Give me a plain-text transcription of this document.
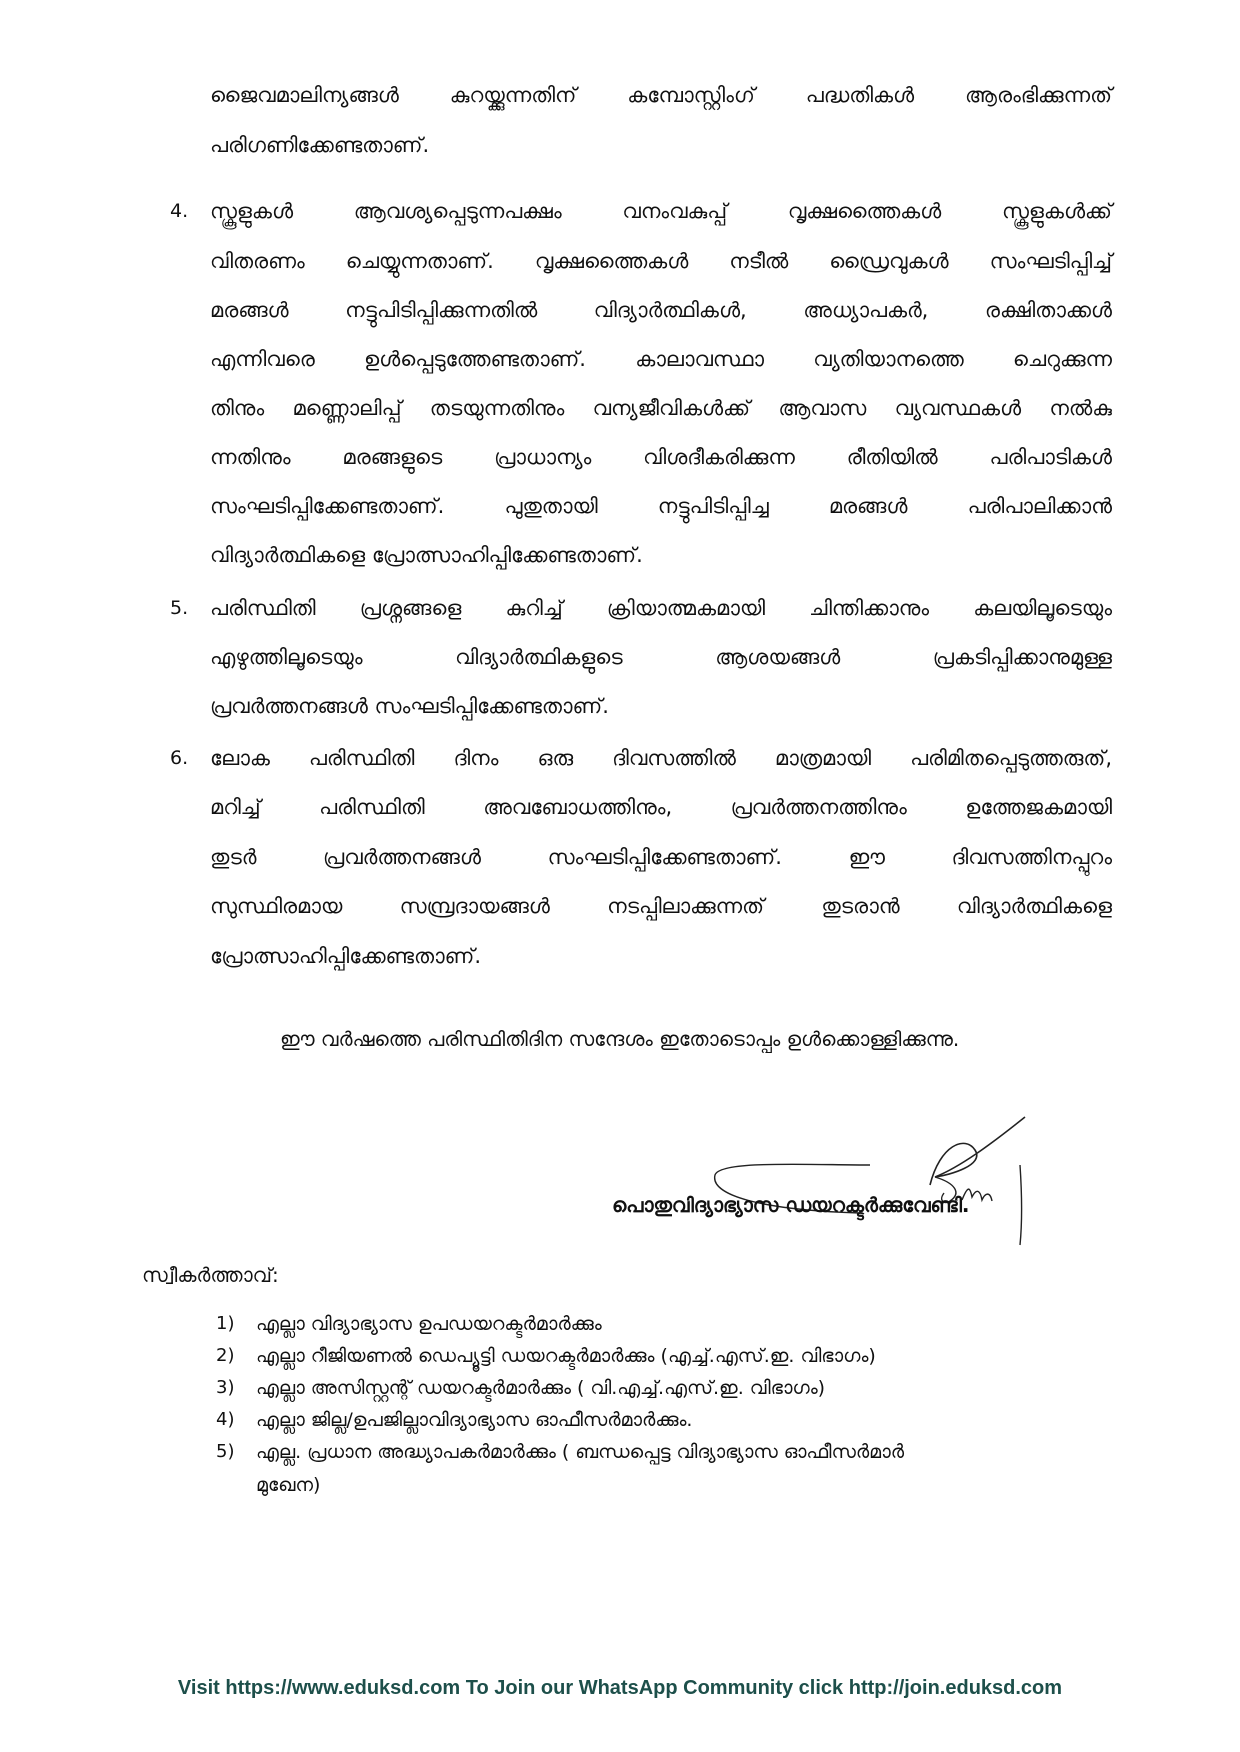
ജൈവമാലിന്യങ്ങൾ കുറയ്ക്കുന്നതിന് കമ്പോസ്റ്റിംഗ് പദ്ധതികൾ ആരംഭിക്കുന്നത്
പരിഗണിക്കേണ്ടതാണ്.
4.	സ്കൂളുകൾ ആവശ്യപ്പെടുന്നപക്ഷം വനംവകുപ്പ് വൃക്ഷത്തൈകൾ സ്കൂളുകൾക്ക്
വിതരണം ചെയ്യുന്നതാണ്. വൃക്ഷത്തൈകൾ നടീൽ ഡ്രൈവുകൾ സംഘടിപ്പിച്ച്
മരങ്ങൾ നട്ടുപിടിപ്പിക്കുന്നതിൽ വിദ്യാർത്ഥികൾ, അധ്യാപകർ, രക്ഷിതാക്കൾ
എന്നിവരെ ഉൾപ്പെടുത്തേണ്ടതാണ്. കാലാവസ്ഥാ വ്യതിയാനത്തെ ചെറുക്കുന്ന
തിനും മണ്ണൊലിപ്പ് തടയുന്നതിനും വന്യജീവികൾക്ക് ആവാസ വ്യവസ്ഥകൾ നൽകു
ന്നതിനും മരങ്ങളുടെ പ്രാധാന്യം വിശദീകരിക്കുന്ന രീതിയിൽ പരിപാടികൾ
സംഘടിപ്പിക്കേണ്ടതാണ്. പുതുതായി നട്ടുപിടിപ്പിച്ച മരങ്ങൾ പരിപാലിക്കാൻ
വിദ്യാർത്ഥികളെ പ്രോത്സാഹിപ്പിക്കേണ്ടതാണ്.
5.	പരിസ്ഥിതി പ്രശ്നങ്ങളെ കുറിച്ച് ക്രിയാത്മകമായി ചിന്തിക്കാനും കലയിലൂടെയും
എഴുത്തിലൂടെയും വിദ്യാർത്ഥികളുടെ ആശയങ്ങൾ പ്രകടിപ്പിക്കാനുമുള്ള
പ്രവർത്തനങ്ങൾ സംഘടിപ്പിക്കേണ്ടതാണ്.
6.	ലോക പരിസ്ഥിതി ദിനം ഒരു ദിവസത്തിൽ മാത്രമായി പരിമിതപ്പെടുത്തരുത്,
മറിച്ച് പരിസ്ഥിതി അവബോധത്തിനും, പ്രവർത്തനത്തിനും ഉത്തേജകമായി
തുടർ പ്രവർത്തനങ്ങൾ സംഘടിപ്പിക്കേണ്ടതാണ്. ഈ ദിവസത്തിനപ്പുറം
സുസ്ഥിരമായ സമ്പ്രദായങ്ങൾ നടപ്പിലാക്കുന്നത് തുടരാൻ വിദ്യാർത്ഥികളെ
പ്രോത്സാഹിപ്പിക്കേണ്ടതാണ്.
ഈ വർഷത്തെ പരിസ്ഥിതിദിന സന്ദേശം ഇതോടൊപ്പം ഉൾക്കൊള്ളിക്കുന്നു.
പൊതുവിദ്യാഭ്യാസ ഡയറക്ടർക്കുവേണ്ടി.
സ്വീകർത്താവ്:
1) എല്ലാ വിദ്യാഭ്യാസ ഉപഡയറക്ടർമാർക്കും
2) എല്ലാ റീജിയണൽ ഡെപ്യൂട്ടി ഡയറക്ടർമാർക്കും (എച്ച്.എസ്.ഇ. വിഭാഗം)
3) എല്ലാ അസിസ്റ്റന്റ് ഡയറക്ടർമാർക്കും ( വി.എച്ച്.എസ്.ഇ. വിഭാഗം)
4) എല്ലാ ജില്ല/ഉപജില്ലാവിദ്യാഭ്യാസ ഓഫീസർമാർക്കും.
5) എല്ല. പ്രധാന അദ്ധ്യാപകർമാർക്കും ( ബന്ധപ്പെട്ട വിദ്യാഭ്യാസ ഓഫീസർമാർ
മുഖേന)
Visit https://www.eduksd.com To Join our WhatsApp Community click http://join.eduksd.com
